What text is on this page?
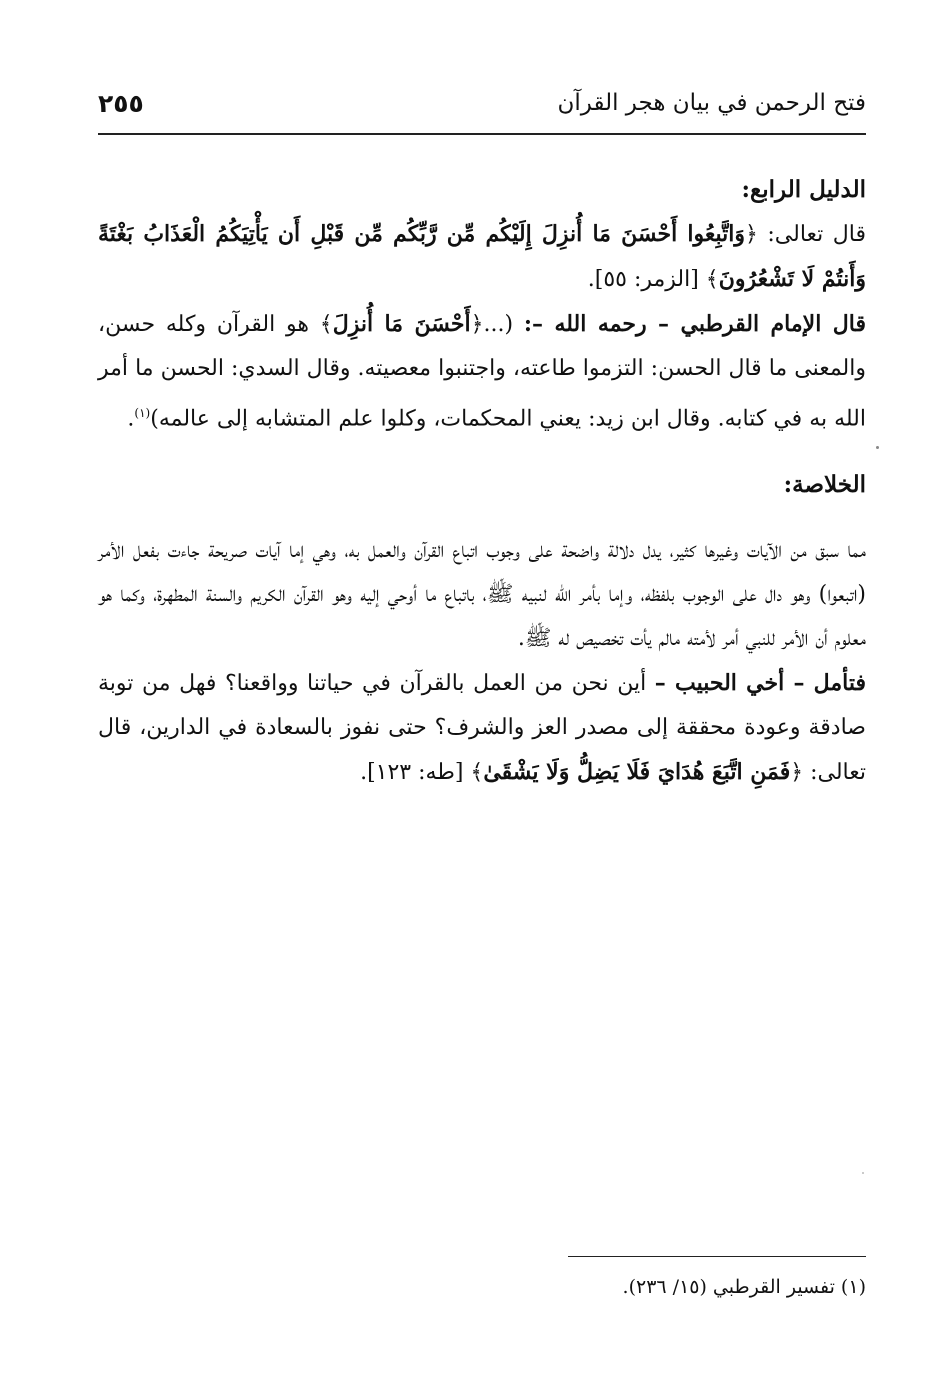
فتح الرحمن في بيان هجر القرآن
٢٥٥
الدليل الرابع:

قال تعالى: ﴿وَاتَّبِعُوا أَحْسَنَ مَا أُنزِلَ إِلَيْكُم مِّن رَّبِّكُم مِّن قَبْلِ أَن يَأْتِيَكُمُ الْعَذَابُ بَغْتَةً وَأَنتُمْ لَا تَشْعُرُونَ﴾ [الزمر: ٥٥].

قال الإمام القرطبي – رحمه الله –: (...﴿أَحْسَنَ مَا أُنزِلَ﴾ هو القرآن وكله حسن، والمعنى ما قال الحسن: التزموا طاعته، واجتنبوا معصيته. وقال السدي: الحسن ما أمر الله به في كتابه. وقال ابن زيد: يعني المحكمات، وكلوا علم المتشابه إلى عالمه)$^{(١)}$.

الخلاصة:

مما سبق من الآيات وغيرها كثير، يدل دلالة واضحة على وجوب اتباع القرآن والعمل به، وهي إما آيات صريحة جاءت بفعل الأمر (اتبعوا) وهو دال على الوجوب بلفظه، وإما بأمر الله لنبيه ﷺ، باتباع ما أوحي إليه وهو القرآن الكريم والسنة المطهرة، وكما هو معلوم أن الأمر للنبي أمر لأمته مالم يأت تخصيص له ﷺ.

فتأمل – أخي الحبيب – أين نحن من العمل بالقرآن في حياتنا وواقعنا؟ فهل من توبة صادقة وعودة محققة إلى مصدر العز والشرف؟ حتى نفوز بالسعادة في الدارين، قال تعالى: ﴿فَمَنِ اتَّبَعَ هُدَايَ فَلَا يَضِلُّ وَلَا يَشْقَىٰ﴾ [طه: ١٢٣].

(١) تفسير القرطبي (١٥/ ٢٣٦).
